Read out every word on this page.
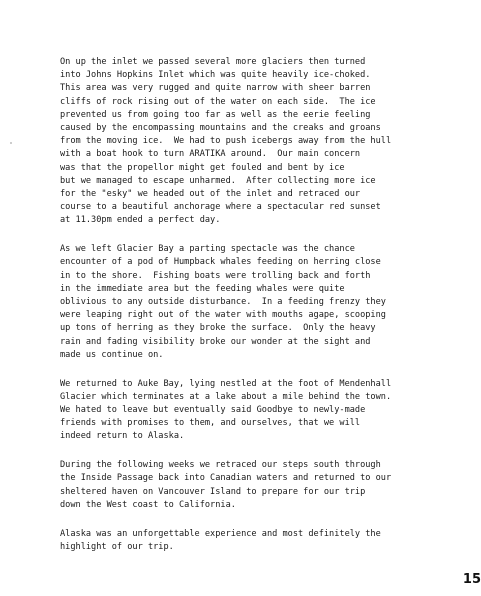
On up the inlet we passed several more glaciers then turned
into Johns Hopkins Inlet which was quite heavily ice-choked.
This area was very rugged and quite narrow with sheer barren
cliffs of rock rising out of the water on each side.  The ice
prevented us from going too far as well as the eerie feeling
caused by the encompassing mountains and the creaks and groans
from the moving ice.  We had to push icebergs away from the hull
with a boat hook to turn ARATIKA around.  Our main concern
was that the propellor might get fouled and bent by ice
but we managed to escape unharmed.  After collecting more ice
for the "esky" we headed out of the inlet and retraced our
course to a beautiful anchorage where a spectacular red sunset
at 11.30pm ended a perfect day.

As we left Glacier Bay a parting spectacle was the chance
encounter of a pod of Humpback whales feeding on herring close
in to the shore.  Fishing boats were trolling back and forth
in the immediate area but the feeding whales were quite
oblivious to any outside disturbance.  In a feeding frenzy they
were leaping right out of the water with mouths agape, scooping
up tons of herring as they broke the surface.  Only the heavy
rain and fading visibility broke our wonder at the sight and
made us continue on.

We returned to Auke Bay, lying nestled at the foot of Mendenhall
Glacier which terminates at a lake about a mile behind the town.
We hated to leave but eventually said Goodbye to newly-made
friends with promises to them, and ourselves, that we will
indeed return to Alaska.

During the following weeks we retraced our steps south through
the Inside Passage back into Canadian waters and returned to our
sheltered haven on Vancouver Island to prepare for our trip
down the West coast to California.

Alaska was an unforgettable experience and most definitely the
highlight of our trip.

15
